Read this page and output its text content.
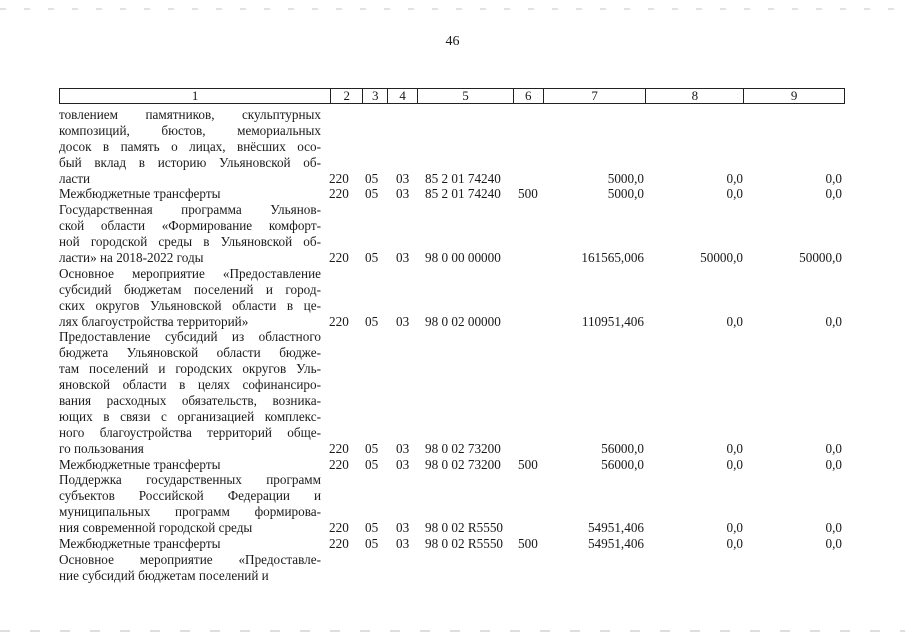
46
1	2	3	4	5	6	7	8	9
товлением памятников, скульптурных
композиций, бюстов, мемориальных
досок в память о лицах, внёсших осо-
бый вклад в историю Ульяновской об-
ласти	220 05 03 85 2 01 74240	5000,0	0,0	0,0
Межбюджетные трансферты	220 05 03 85 2 01 74240 500	5000,0	0,0	0,0
Государственная программа Ульянов-
ской области «Формирование комфорт-
ной городской среды в Ульяновской об-
ласти» на 2018-2022 годы	220 05 03 98 0 00 00000	161565,006	50000,0	50000,0
Основное мероприятие «Предоставление
субсидий бюджетам поселений и город-
ских округов Ульяновской области в це-
лях благоустройства территорий»	220 05 03 98 0 02 00000	110951,406	0,0	0,0
Предоставление субсидий из областного
бюджета Ульяновской области бюдже-
там поселений и городских округов Уль-
яновской области в целях софинансиро-
вания расходных обязательств, возника-
ющих в связи с организацией комплекс-
ного благоустройства территорий обще-
го пользования	220 05 03 98 0 02 73200	56000,0	0,0	0,0
Межбюджетные трансферты	220 05 03 98 0 02 73200 500	56000,0	0,0	0,0
Поддержка государственных программ
субъектов Российской Федерации и
муниципальных программ формирова-
ния современной городской среды	220 05 03 98 0 02 R5550	54951,406	0,0	0,0
Межбюджетные трансферты	220 05 03 98 0 02 R5550 500	54951,406	0,0	0,0
Основное мероприятие «Предоставле-
ние субсидий бюджетам поселений и
